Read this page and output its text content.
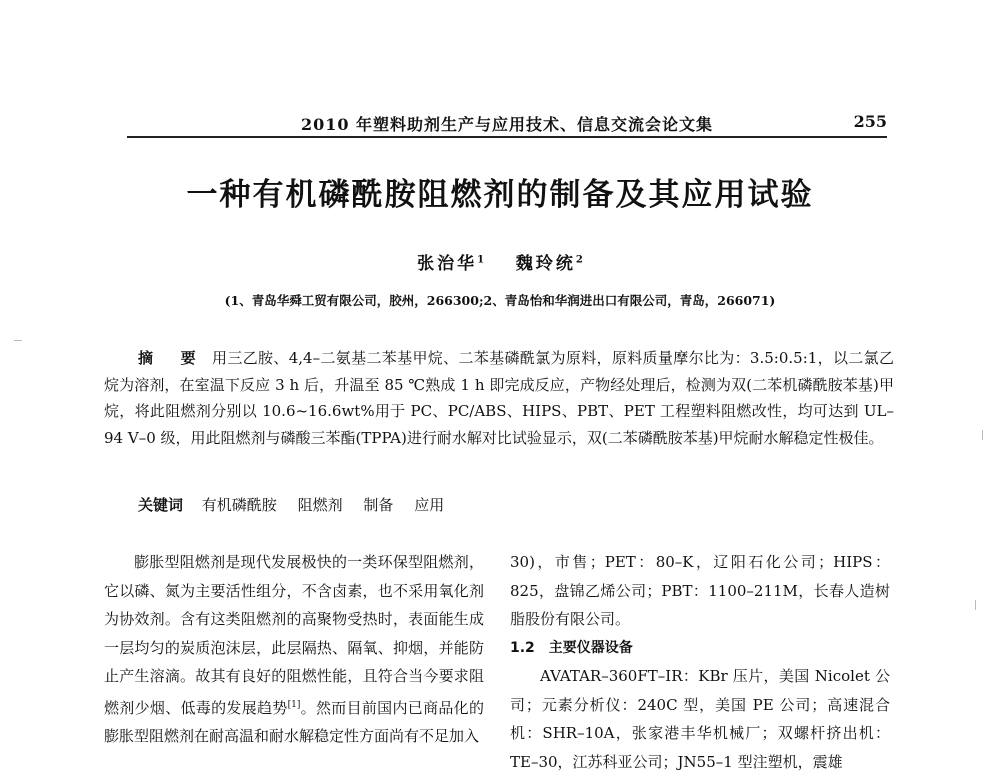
2010 年塑料助剂生产与应用技术、信息交流会论文集	255
一种有机磷酰胺阻燃剂的制备及其应用试验
张治华$^1$ 魏玲统$^2$
(1、青岛华舜工贸有限公司，胶州，266300;2、青岛怡和华润进出口有限公司，青岛，266071)
摘　要 用三乙胺、4,4–二氨基二苯基甲烷、二苯基磷酰氯为原料，原料质量摩尔比为：3.5:0.5:1，以二氯乙烷为溶剂，在室温下反应 3 h 后，升温至 85 ℃熟成 1 h 即完成反应，产物经处理后，检测为双(二苯机磷酰胺苯基)甲烷，将此阻燃剂分别以 10.6~16.6wt%用于 PC、PC/ABS、HIPS、PBT、PET 工程塑料阻燃改性，均可达到 UL–94 V–0 级，用此阻燃剂与磷酸三苯酯(TPPA)进行耐水解对比试验显示，双(二苯磷酰胺苯基)甲烷耐水解稳定性极佳。
关键词 有机磷酰胺 阻燃剂 制备 应用

膨胀型阻燃剂是现代发展极快的一类环保型阻燃剂，它以磷、氮为主要活性组分，不含卤素，也不采用氧化剂为协效剂。含有这类阻燃剂的高聚物受热时，表面能生成一层均匀的炭质泡沫层，此层隔热、隔氧、抑烟，并能防止产生溶滴。故其有良好的阻燃性能，且符合当今要求阻燃剂少烟、低毒的发展趋势[1]。然而目前国内已商品化的膨胀型阻燃剂在耐高温和耐水解稳定性方面尚有不足加入

30)，市售；PET：80–K，辽阳石化公司；HIPS：825，盘锦乙烯公司；PBT：1100–211M，长春人造树脂股份有限公司。

1.2　主要仪器设备

AVATAR–360FT–IR：KBr 压片，美国 Nicolet 公司；元素分析仪：240C 型，美国 PE 公司；高速混合机：SHR–10A，张家港丰华机械厂；双螺杆挤出机：TE–30，江苏科亚公司；JN55–1 型注塑机，震雄
